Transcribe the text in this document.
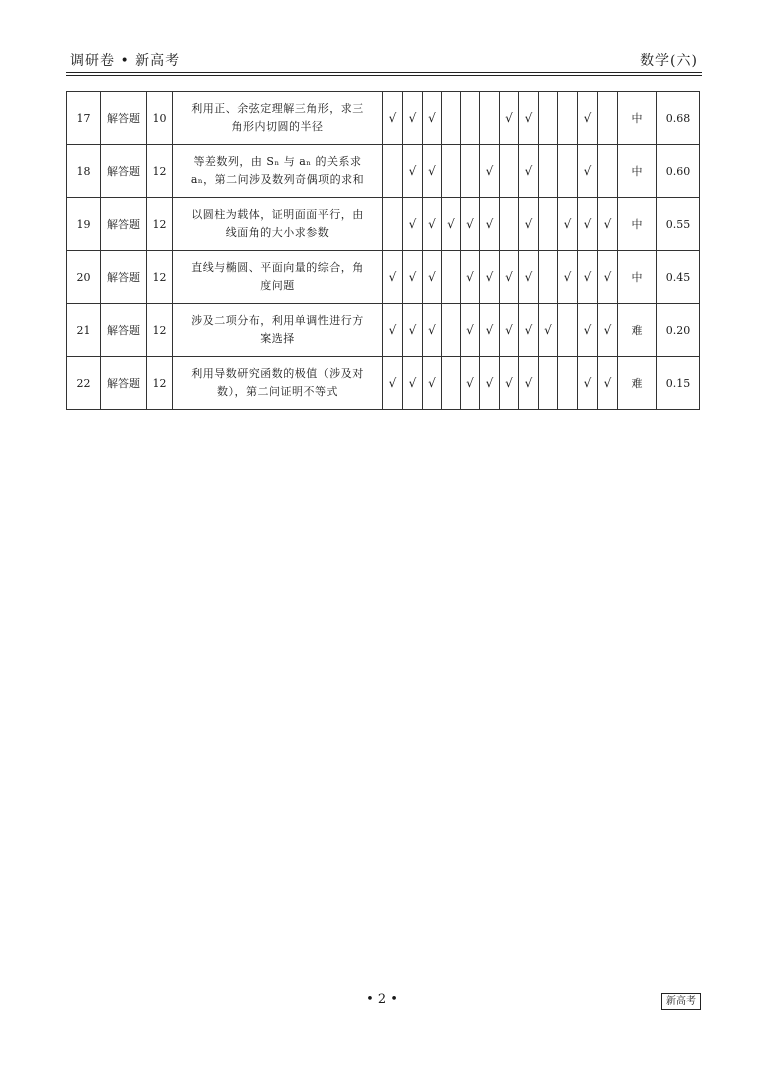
调研卷 • 新高考	数学(六)
17	解答题	10	利用正、余弦定理解三角形，求三
角形内切圆的半径	√	√	√				√	√			√		中	0.68
18	解答题	12	等差数列，由 Sₙ 与 aₙ 的关系求
aₙ，第二问涉及数列奇偶项的求和		√	√			√		√			√		中	0.60
19	解答题	12	以圆柱为载体，证明面面平行，由
线面角的大小求参数		√	√	√	√	√		√		√	√	√	中	0.55
20	解答题	12	直线与椭圆、平面向量的综合，角
度问题	√	√	√		√	√	√	√		√	√	√	中	0.45
21	解答题	12	涉及二项分布，利用单调性进行方
案选择	√	√	√		√	√	√	√	√		√	√	难	0.20
22	解答题	12	利用导数研究函数的极值（涉及对
数），第二问证明不等式	√	√	√		√	√	√	√			√	√	难	0.15
• 2 •	新高考
